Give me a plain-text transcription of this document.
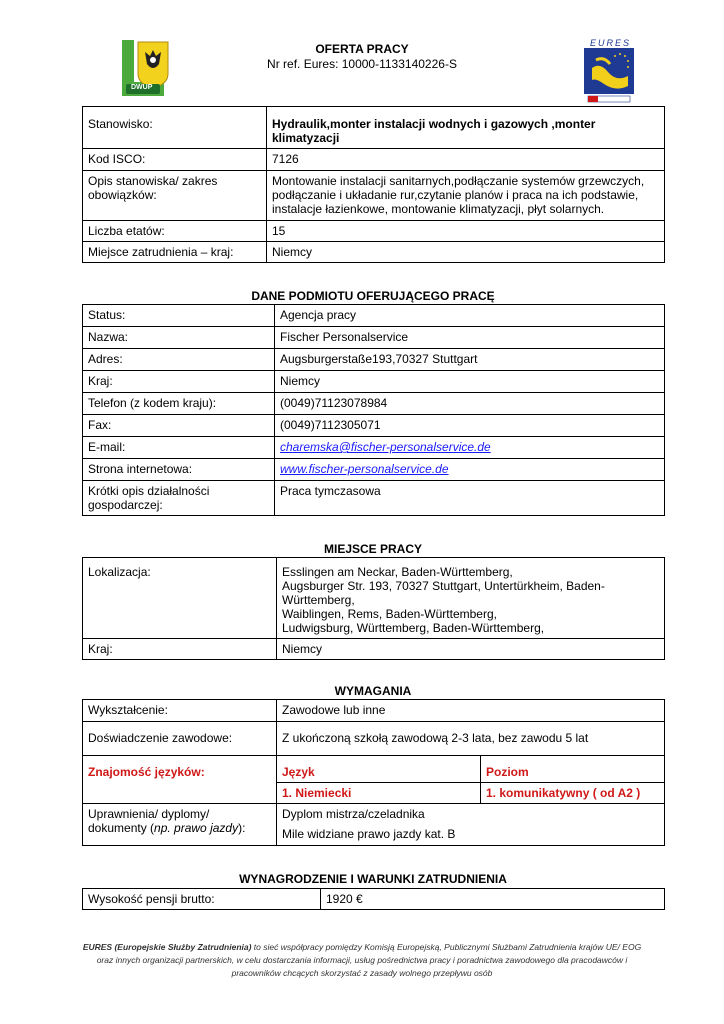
DWUP
EURES
OFERTA PRACY
Nr ref. Eures: 10000-1133140226-S
Stanowisko:	Hydraulik,monter instalacji wodnych i gazowych ,monter klimatyzacji
Kod ISCO:	7126
Opis stanowiska/ zakres obowiązków:	Montowanie instalacji sanitarnych,podłączanie systemów grzewczych, podłączanie i układanie rur,czytanie planów i praca na ich podstawie, instalacje łazienkowe, montowanie klimatyzacji, płyt solarnych.
Liczba etatów:	15
Miejsce zatrudnienia – kraj:	Niemcy
DANE PODMIOTU OFERUJĄCEGO PRACĘ
Status:	Agencja pracy
Nazwa:	Fischer Personalservice
Adres:	Augsburgerstaße193,70327 Stuttgart
Kraj:	Niemcy
Telefon (z kodem kraju):	(0049)71123078984
Fax:	(0049)7112305071
E-mail:	charemska@fischer-personalservice.de
Strona internetowa:	www.fischer-personalservice.de
Krótki opis działalności gospodarczej:	Praca tymczasowa
MIEJSCE PRACY
Lokalizacja:	Esslingen am Neckar, Baden-Württemberg,
Augsburger Str. 193, 70327 Stuttgart, Untertürkheim, Baden-Württemberg,
Waiblingen, Rems, Baden-Württemberg,
Ludwigsburg, Württemberg, Baden-Württemberg,

Kraj:	Niemcy
WYMAGANIA
Wykształcenie:	Zawodowe lub inne	
Doświadczenie zawodowe:	Z ukończoną szkołą zawodową 2-3 lata, bez zawodu 5 lat	
Znajomość języków:	Język	Poziom
	1. Niemiecki	1. komunikatywny ( od A2 )
Uprawnienia/ dyplomy/ dokumenty (np. prawo jazdy):	Dyplom mistrza/czeladnika
Mile widziane prawo jazdy kat. B	
WYNAGRODZENIE I WARUNKI ZATRUDNIENIA
Wysokość pensji brutto:	1920 €
EURES (Europejskie Służby Zatrudnienia) to sieć współpracy pomiędzy Komisją Europejską, Publicznymi Służbami Zatrudnienia krajów UE/ EOG
oraz innych organizacji partnerskich, w celu dostarczania informacji, usług pośrednictwa pracy i poradnictwa zawodowego dla pracodawców i
pracowników chcących skorzystać z zasady wolnego przepływu osób
